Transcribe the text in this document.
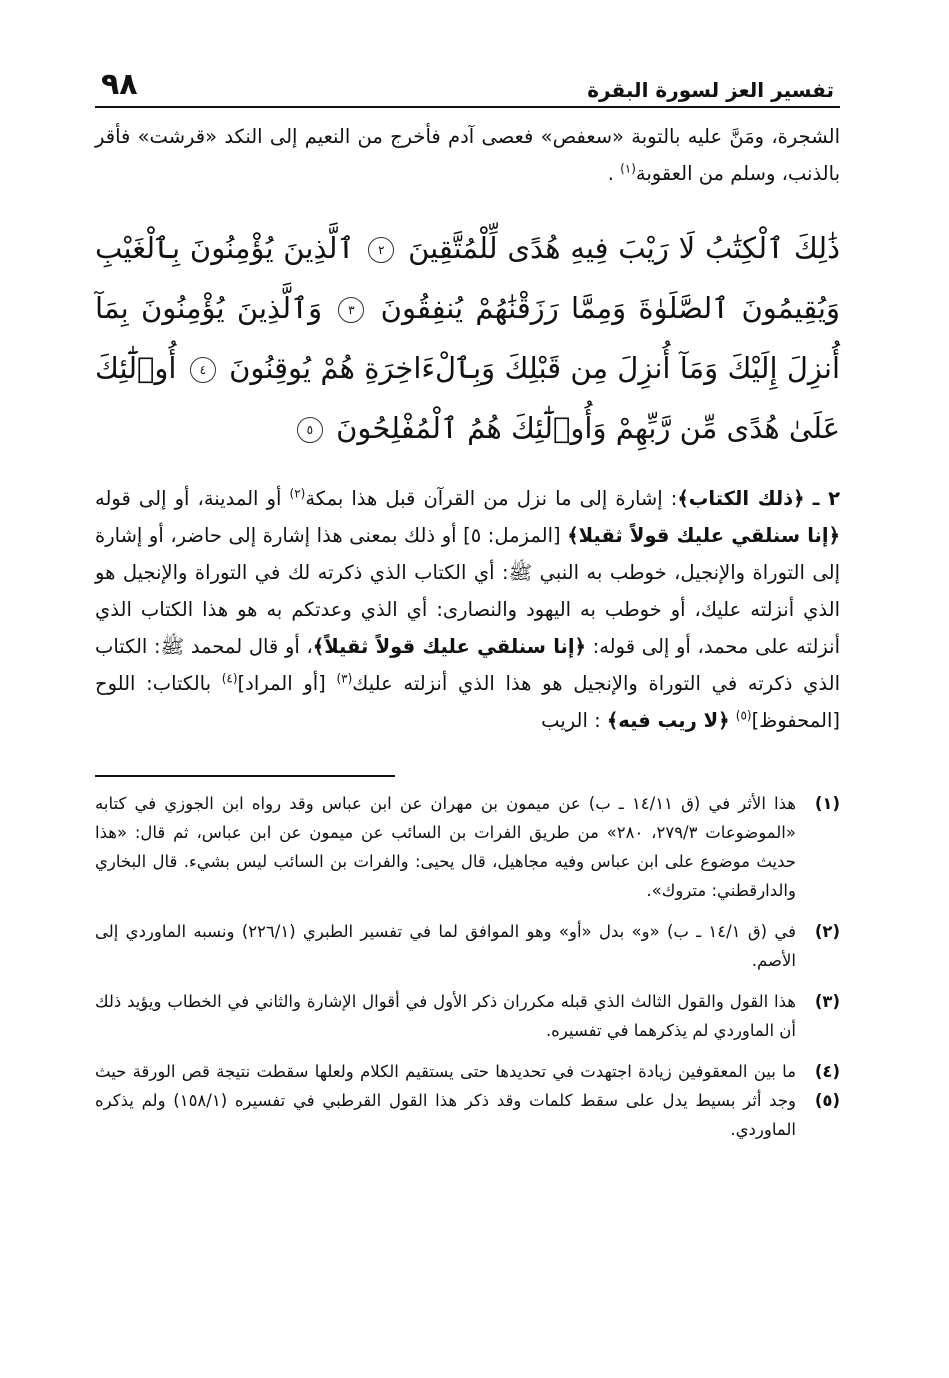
تفسير العز لسورة البقرة
٩٨

الشجرة، ومَنَّ عليه بالتوبة «سعفص» فعصى آدم فأخرج من النعيم إلى النكد «قرشت» فأقر بالذنب، وسلم من العقوبة$^{(١)}$ .

ذَٰلِكَ ٱلْكِتَٰبُ لَا رَيْبَ فِيهِ هُدًى لِّلْمُتَّقِينَ ٢ ٱلَّذِينَ يُؤْمِنُونَ بِٱلْغَيْبِ وَيُقِيمُونَ ٱلصَّلَوٰةَ وَمِمَّا رَزَقْنَٰهُمْ يُنفِقُونَ ٣ وَٱلَّذِينَ يُؤْمِنُونَ بِمَآ أُنزِلَ إِلَيْكَ وَمَآ أُنزِلَ مِن قَبْلِكَ وَبِٱلْءَاخِرَةِ هُمْ يُوقِنُونَ ٤ أُو۟لَٰٓئِكَ عَلَىٰ هُدًى مِّن رَّبِّهِمْ وَأُو۟لَٰٓئِكَ هُمُ ٱلْمُفْلِحُونَ ٥

٢ ـ ﴿ذلك الكتاب﴾: إشارة إلى ما نزل من القرآن قبل هذا بمكة$^{(٢)}$ أو المدينة، أو إلى قوله ﴿إنا سنلقي عليك قولاً ثقيلا﴾ [المزمل: ٥] أو ذلك بمعنى هذا إشارة إلى حاضر، أو إشارة إلى التوراة والإنجيل، خوطب به النبي ﷺ: أي الكتاب الذي ذكرته لك في التوراة والإنجيل هو الذي أنزلته عليك، أو خوطب به اليهود والنصارى: أي الذي وعدتكم به هو هذا الكتاب الذي أنزلته على محمد، أو إلى قوله: ﴿إنا سنلقي عليك قولاً ثقيلاً﴾، أو قال لمحمد ﷺ: الكتاب الذي ذكرته في التوراة والإنجيل هو هذا الذي أنزلته عليك$^{(٣)}$ [أو المراد]$^{(٤)}$ بالكتاب: اللوح [المحفوظ]$^{(٥)}$ ﴿لا ريب فيه﴾ : الريب

(١)
هذا الأثر في (ق ١٤/١١ ـ ب) عن ميمون بن مهران عن ابن عباس وقد رواه ابن الجوزي في كتابه «الموضوعات ٢٧٩/٣، ٢٨٠» من طريق الفرات بن السائب عن ميمون عن ابن عباس، ثم قال: «هذا حديث موضوع على ابن عباس وفيه مجاهيل، قال يحيى: والفرات بن السائب ليس بشيء. قال البخاري والدارقطني: متروك».
(٢)
في (ق ١٤/١ ـ ب) «و» بدل «أو» وهو الموافق لما في تفسير الطبري (٢٢٦/١) ونسبه الماوردي إلى الأصم.
(٣)
هذا القول والقول الثالث الذي قبله مكرران ذكر الأول في أقوال الإشارة والثاني في الخطاب ويؤيد ذلك أن الماوردي لم يذكرهما في تفسيره.
(٤) (٥)
ما بين المعقوفين زيادة اجتهدت في تحديدها حتى يستقيم الكلام ولعلها سقطت نتيجة قص الورقة حيث وجد أثر بسيط يدل على سقط كلمات وقد ذكر هذا القول القرطبي في تفسيره (١٥٨/١) ولم يذكره الماوردي.
